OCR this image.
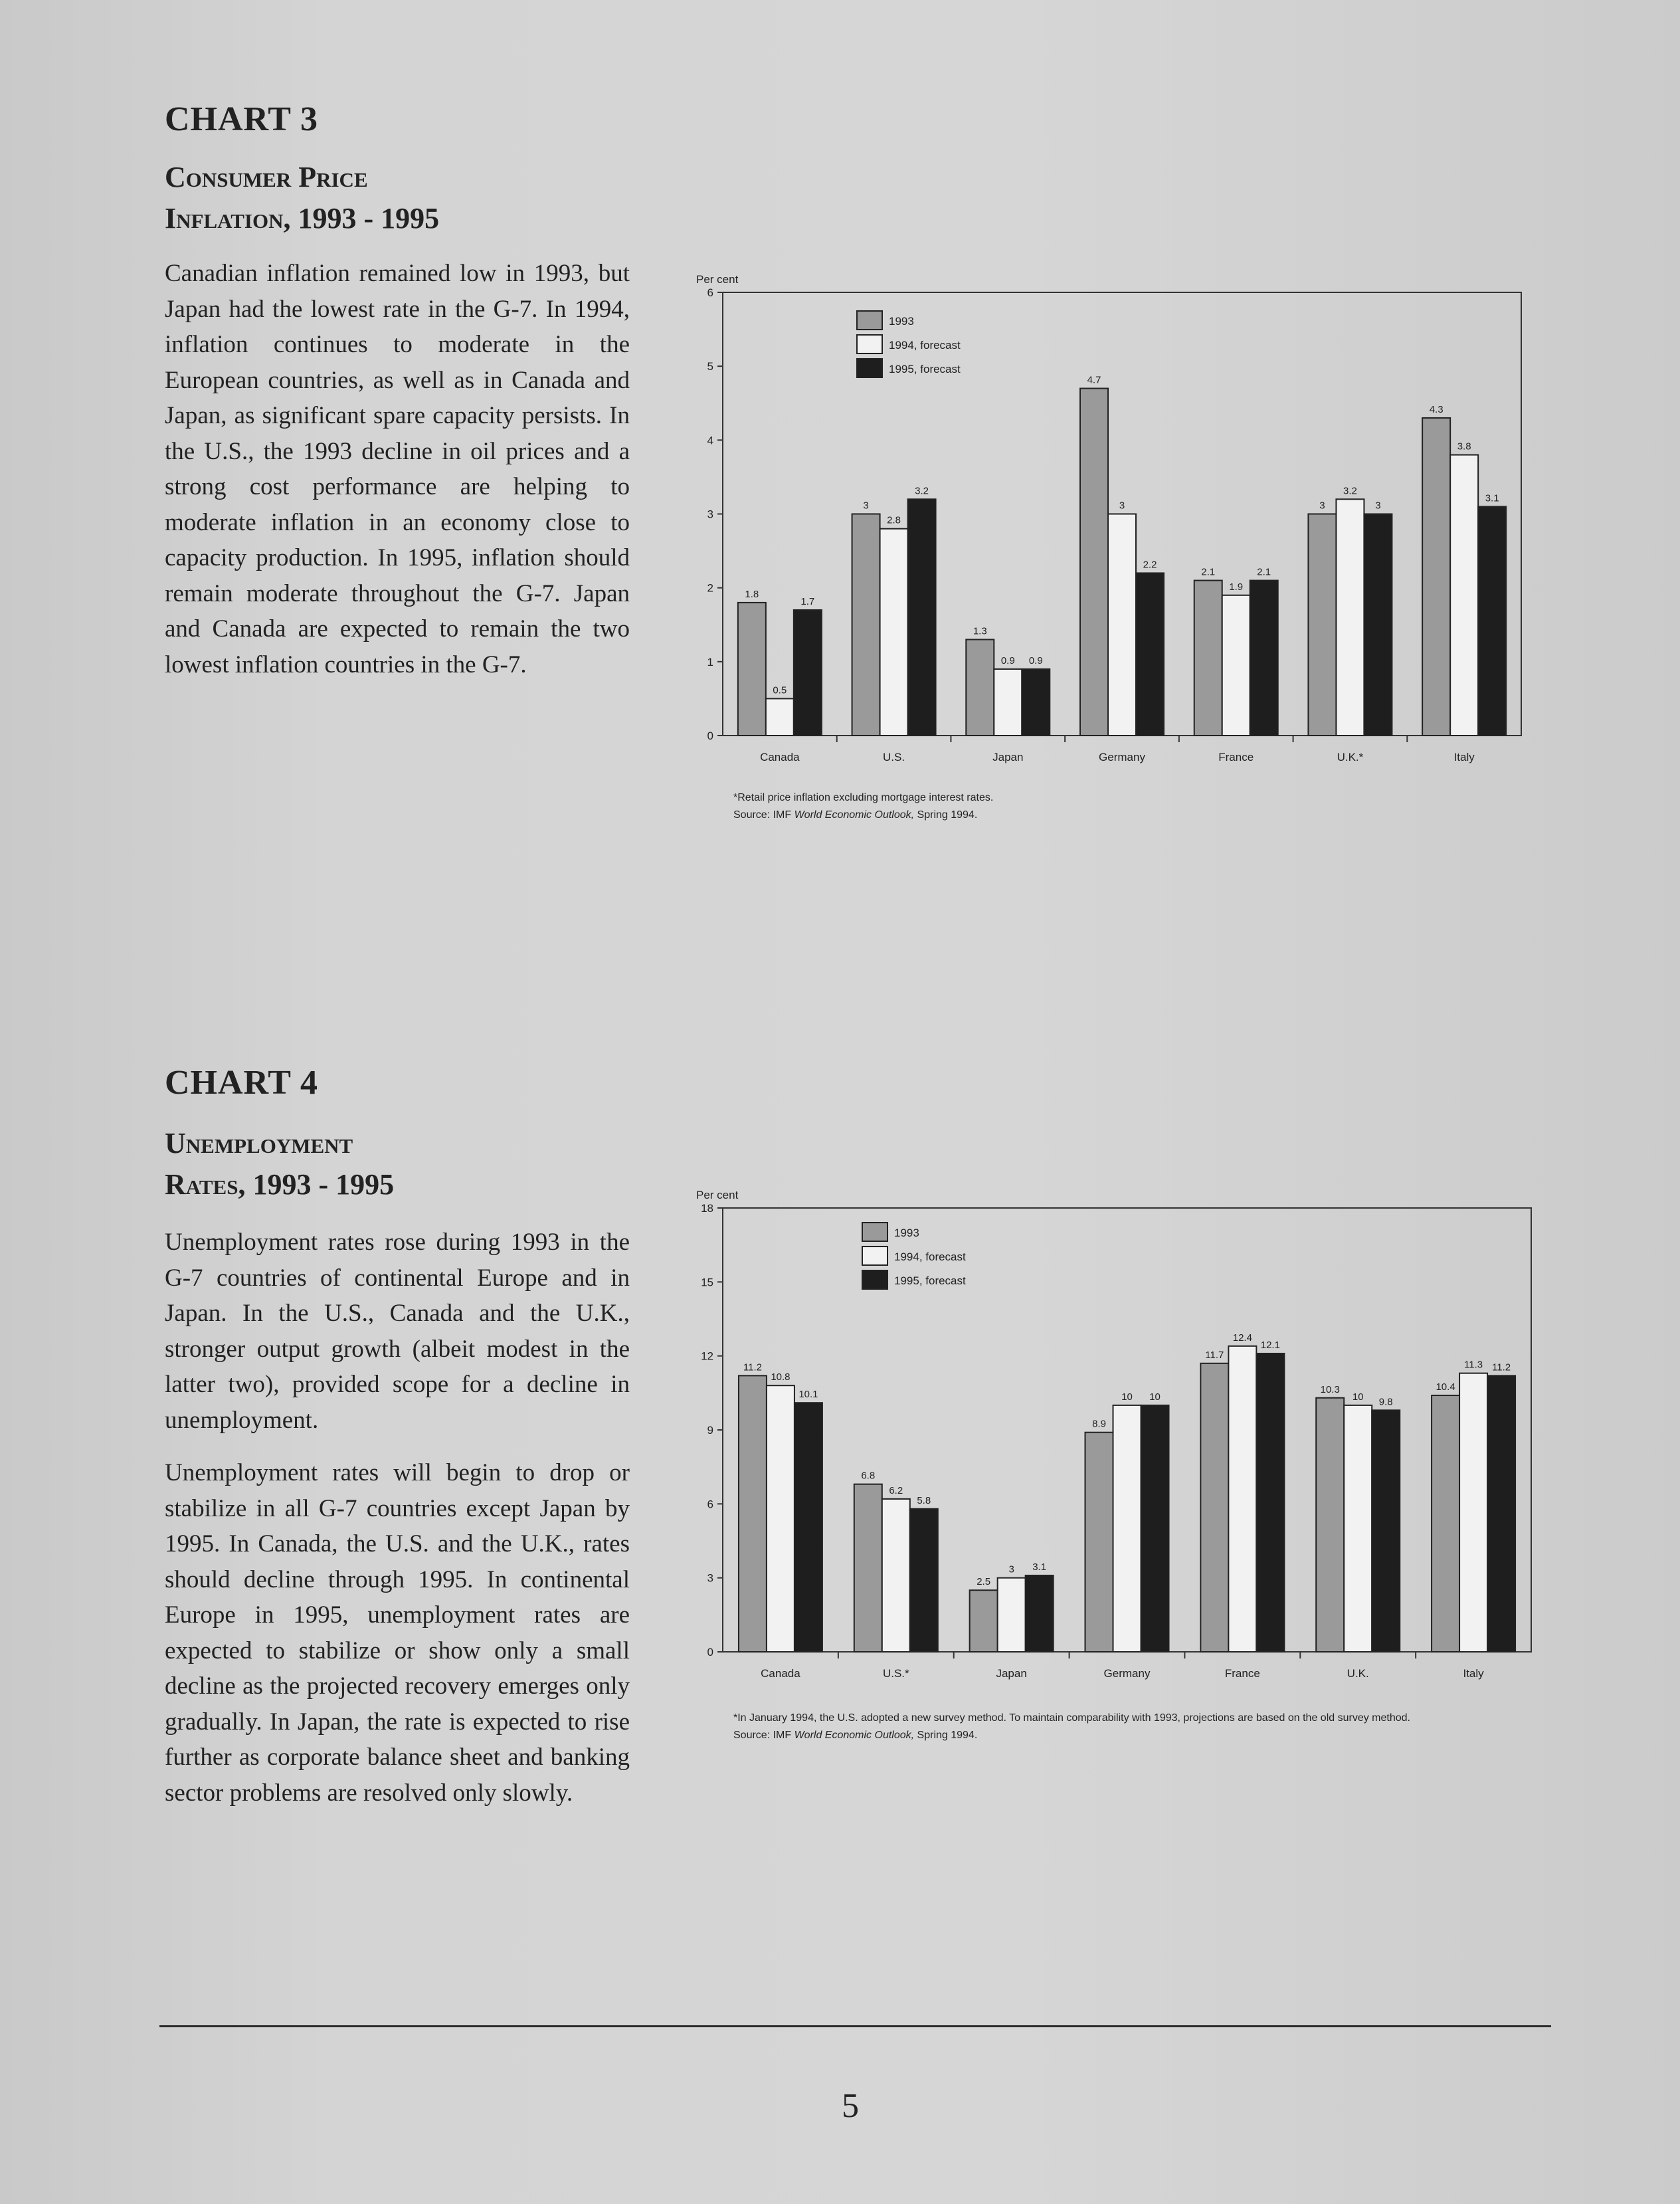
CHART 3
Consumer Price
Inflation, 1993 - 1995

Canadian inflation remained low in 1993, but Japan had the lowest rate in the G-7. In 1994, inflation continues to moderate in the European countries, as well as in Canada and Japan, as significant spare capacity persists. In the U.S., the 1993 decline in oil prices and a strong cost performance are helping to moderate inflation in an economy close to capacity production. In 1995, inflation should remain moderate throughout the G-7. Japan and Canada are expected to remain the two lowest inflation countries in the G-7.

Per cent
0
1
2
3
4
5
6
Canada
1.8
0.5
1.7
U.S.
3
2.8
3.2
Japan
1.3
0.9 0.9
Germany
4.7
3
2.2
France
2.1
1.9
2.1
U.K.*
3
3.2
3
Italy
4.3
3.8
3.1
1993
1994, forecast
1995, forecast
*Retail price inflation excluding mortgage interest rates.
Source: IMF World Economic Outlook, Spring 1994.
CHART 4
Unemployment
Rates, 1993 - 1995

Unemployment rates rose during 1993 in the G-7 countries of continental Europe and in Japan. In the U.S., Canada and the U.K., stronger output growth (albeit modest in the latter two), provided scope for a decline in unemployment.

Unemployment rates will begin to drop or stabilize in all G-7 countries except Japan by 1995. In Canada, the U.S. and the U.K., rates should decline through 1995. In continental Europe in 1995, unemployment rates are expected to stabilize or show only a small decline as the projected recovery emerges only gradually. In Japan, the rate is expected to rise further as corporate balance sheet and banking sector problems are resolved only slowly.

Per cent
0
3
6
9
12
15
18
Canada
11.2
10.8
10.1
U.S.*
6.8
6.2
5.8
Japan
2.5
3 3.1
Germany
8.9
10 10
France
11.7
12.4
12.1
U.K.
10.3
10 9.8
Italy
10.4
11.3 11.2
1993
1994, forecast
1995, forecast
*In January 1994, the U.S. adopted a new survey method. To maintain comparability with 1993, projections are based on the old survey method.
Source: IMF World Economic Outlook, Spring 1994.
5
